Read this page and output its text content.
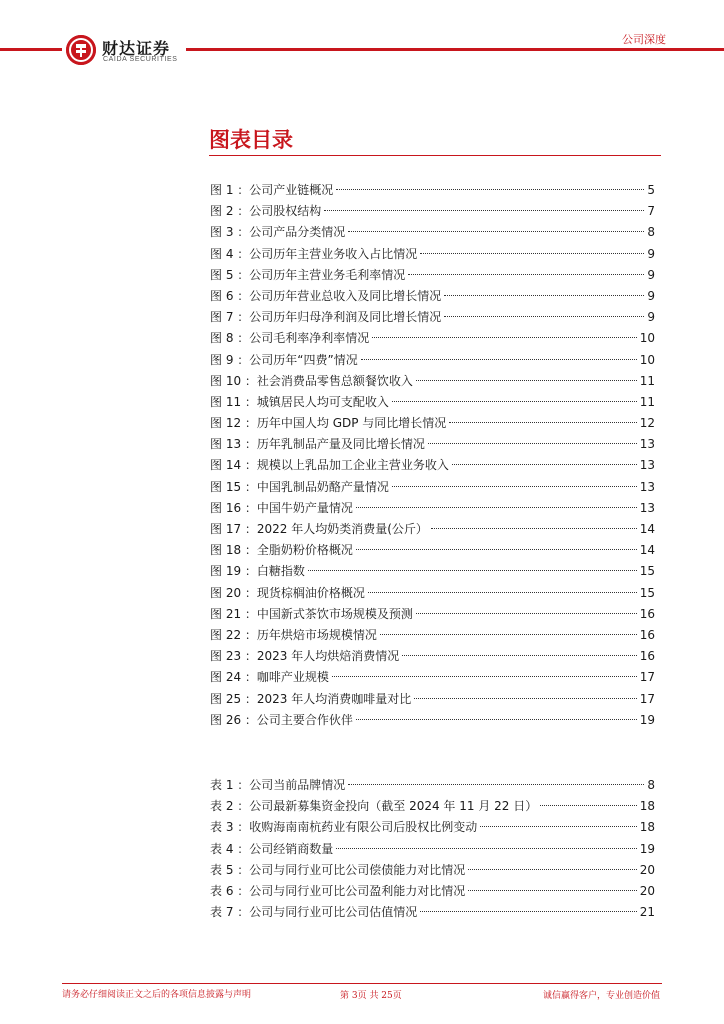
财达证券
CAIDA SECURITIES
公司深度
图表目录
图 1 ：公司产业链概况	5
图 2 ：公司股权结构	7
图 3 ：公司产品分类情况	8
图 4 ：公司历年主营业务收入占比情况	9
图 5 ：公司历年主营业务毛利率情况	9
图 6 ：公司历年营业总收入及同比增长情况	9
图 7 ：公司历年归母净利润及同比增长情况	9
图 8 ：公司毛利率净利率情况	10
图 9 ：公司历年“四费”情况	10
图 10 ：社会消费品零售总额餐饮收入	11
图 11 ：城镇居民人均可支配收入	11
图 12 ：历年中国人均 GDP 与同比增长情况	12
图 13 ：历年乳制品产量及同比增长情况	13
图 14 ：规模以上乳品加工企业主营业务收入	13
图 15 ：中国乳制品奶酪产量情况	13
图 16 ：中国牛奶产量情况	13
图 17 ：2022 年人均奶类消费量(公斤）	14
图 18 ：全脂奶粉价格概况	14
图 19 ：白糖指数	15
图 20 ：现货棕榈油价格概况	15
图 21 ：中国新式茶饮市场规模及预测	16
图 22 ：历年烘焙市场规模情况	16
图 23 ：2023 年人均烘焙消费情况	16
图 24 ：咖啡产业规模	17
图 25 ：2023 年人均消费咖啡量对比	17
图 26 ：公司主要合作伙伴	19
表 1 ：公司当前品牌情况	8
表 2 ：公司最新募集资金投向（截至 2024 年 11 月 22 日）	18
表 3 ：收购海南南杭药业有限公司后股权比例变动	18
表 4 ：公司经销商数量	19
表 5 ：公司与同行业可比公司偿债能力对比情况	20
表 6 ：公司与同行业可比公司盈利能力对比情况	20
表 7 ：公司与同行业可比公司估值情况	21
请务必仔细阅读正文之后的各项信息披露与声明	第 3页 共 25页	诚信赢得客户，专业创造价值
